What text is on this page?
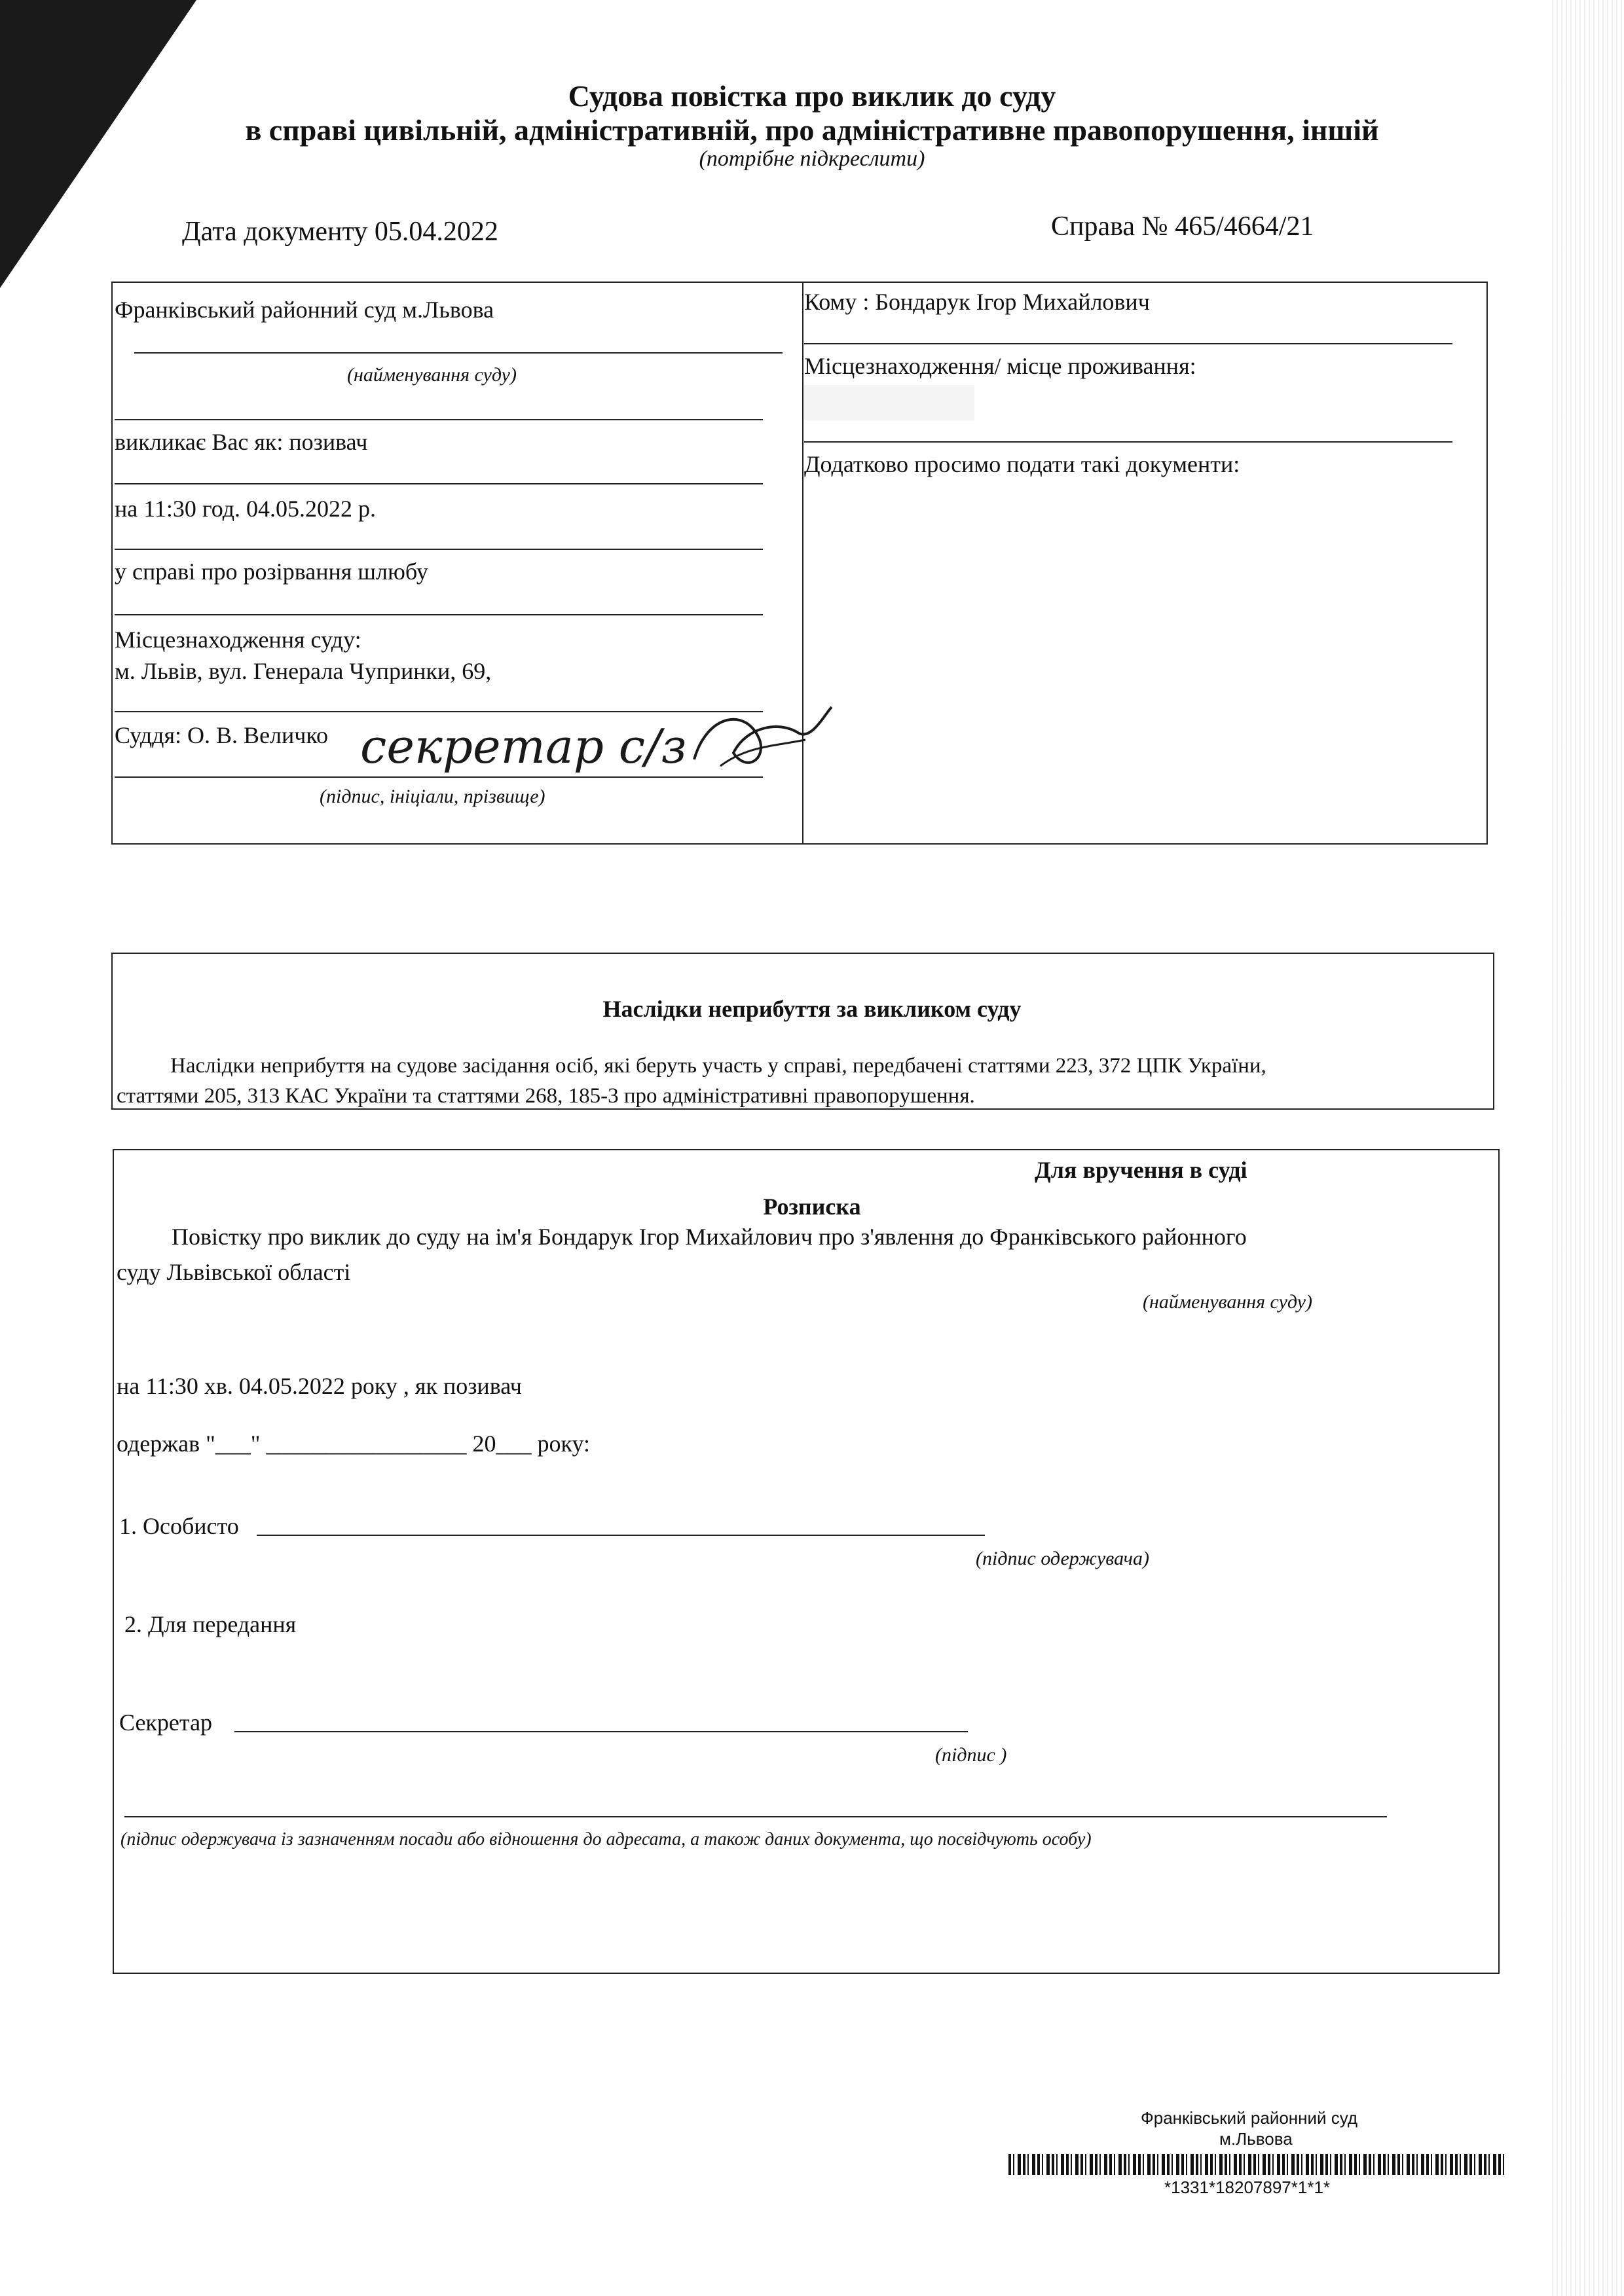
Судова повістка про виклик до суду
в справі цивільній, адміністративній, про адміністративне правопорушення, іншій
(потрібне підкреслити)
Дата документу 05.04.2022	Справа № 465/4664/21
Франківський районний суд м.Львова
(найменування суду)
викликає Вас як: позивач
на 11:30 год. 04.05.2022 р.
у справі про розірвання шлюбу
Місцезнаходження суду:
м. Львів, вул. Генерала Чупринки, 69,
Суддя: О. В. Величко секретар с/з
(підпис, ініціали, прізвище)
Кому : Бондарук Ігор Михайлович
Місцезнаходження/ місце проживання:
Додатково просимо подати такі документи:
Наслідки неприбуття за викликом суду
Наслідки неприбуття на судове засідання осіб, які беруть участь у справі, передбачені статтями 223, 372 ЦПК України,
статтями 205, 313 КАС України та статтями 268, 185-3 про адміністративні правопорушення.
Для вручення в суді
Розписка
Повістку про виклик до суду на ім'я Бондарук Ігор Михайлович про з'явлення до Франківського районного
суду Львівської області
(найменування суду)
на 11:30 хв. 04.05.2022 року , як позивач
одержав "___" _________________ 20___ року:
1. Особисто
(підпис одержувача)
2. Для передання
Секретар
(підпис )
(підпис одержувача із зазначенням посади або відношення до адресата, а також даних документа, що посвідчують особу)
Франківський районний суд
м.Львова
*1331*18207897*1*1*
